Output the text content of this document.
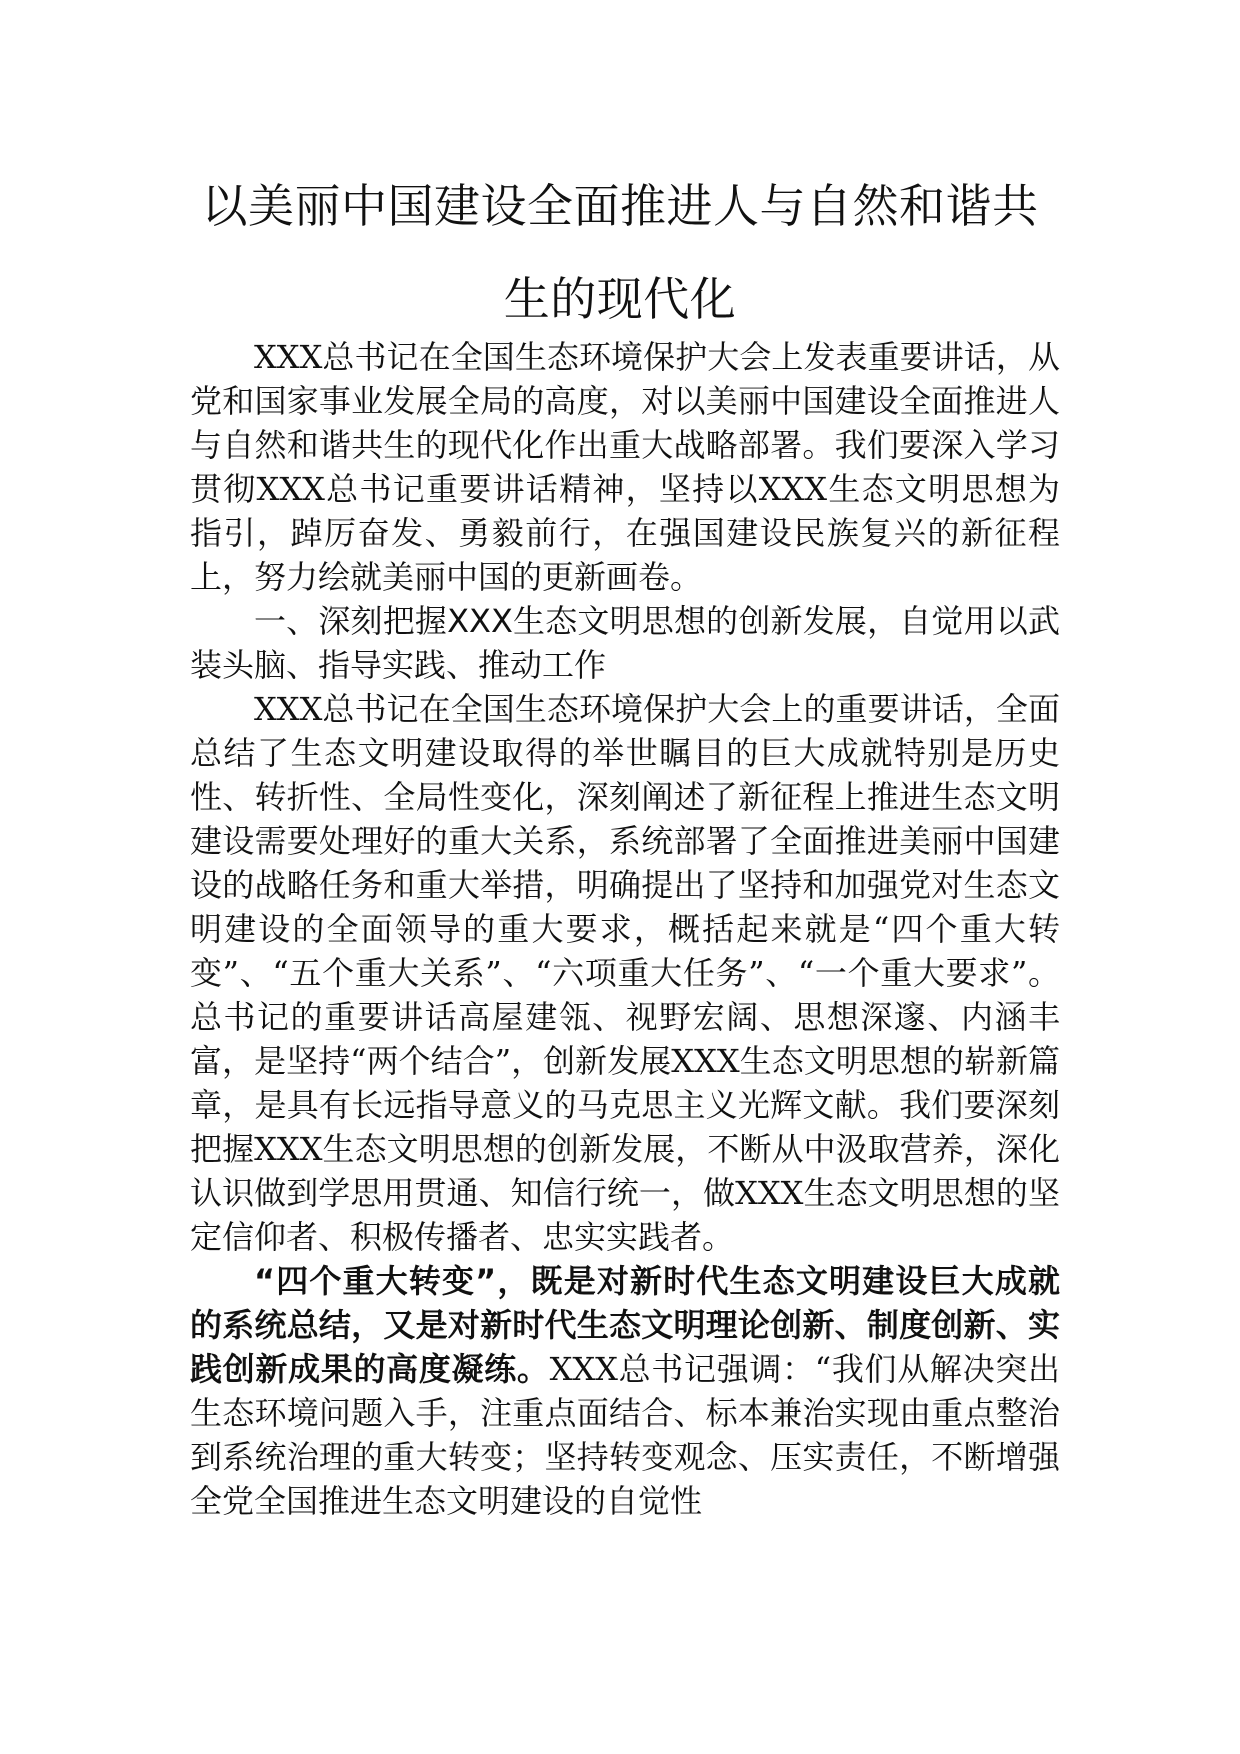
以美丽中国建设全面推进人与自然和谐共
生的现代化

XXX总书记在全国生态环境保护大会上发表重要讲话，从党和国家事业发展全局的高度，对以美丽中国建设全面推进人与自然和谐共生的现代化作出重大战略部署。我们要深入学习贯彻XXX总书记重要讲话精神，坚持以XXX生态文明思想为指引，踔厉奋发、勇毅前行，在强国建设民族复兴的新征程上，努力绘就美丽中国的更新画卷。

一、深刻把握XXX生态文明思想的创新发展，自觉用以武装头脑、指导实践、推动工作

XXX总书记在全国生态环境保护大会上的重要讲话，全面总结了生态文明建设取得的举世瞩目的巨大成就特别是历史性、转折性、全局性变化，深刻阐述了新征程上推进生态文明建设需要处理好的重大关系，系统部署了全面推进美丽中国建设的战略任务和重大举措，明确提出了坚持和加强党对生态文明建设的全面领导的重大要求，概括起来就是“四个重大转变”、“五个重大关系”、“六项重大任务”、“一个重大要求”。总书记的重要讲话高屋建瓴、视野宏阔、思想深邃、内涵丰富，是坚持“两个结合”，创新发展XXX生态文明思想的崭新篇章，是具有长远指导意义的马克思主义光辉文献。我们要深刻把握XXX生态文明思想的创新发展，不断从中汲取营养，深化认识做到学思用贯通、知信行统一，做XXX生态文明思想的坚定信仰者、积极传播者、忠实实践者。

“四个重大转变”，既是对新时代生态文明建设巨大成就的系统总结，又是对新时代生态文明理论创新、制度创新、实践创新成果的高度凝练。XXX总书记强调：“我们从解决突出生态环境问题入手，注重点面结合、标本兼治实现由重点整治到系统治理的重大转变；坚持转变观念、压实责任，不断增强全党全国推进生态文明建设的自觉性
